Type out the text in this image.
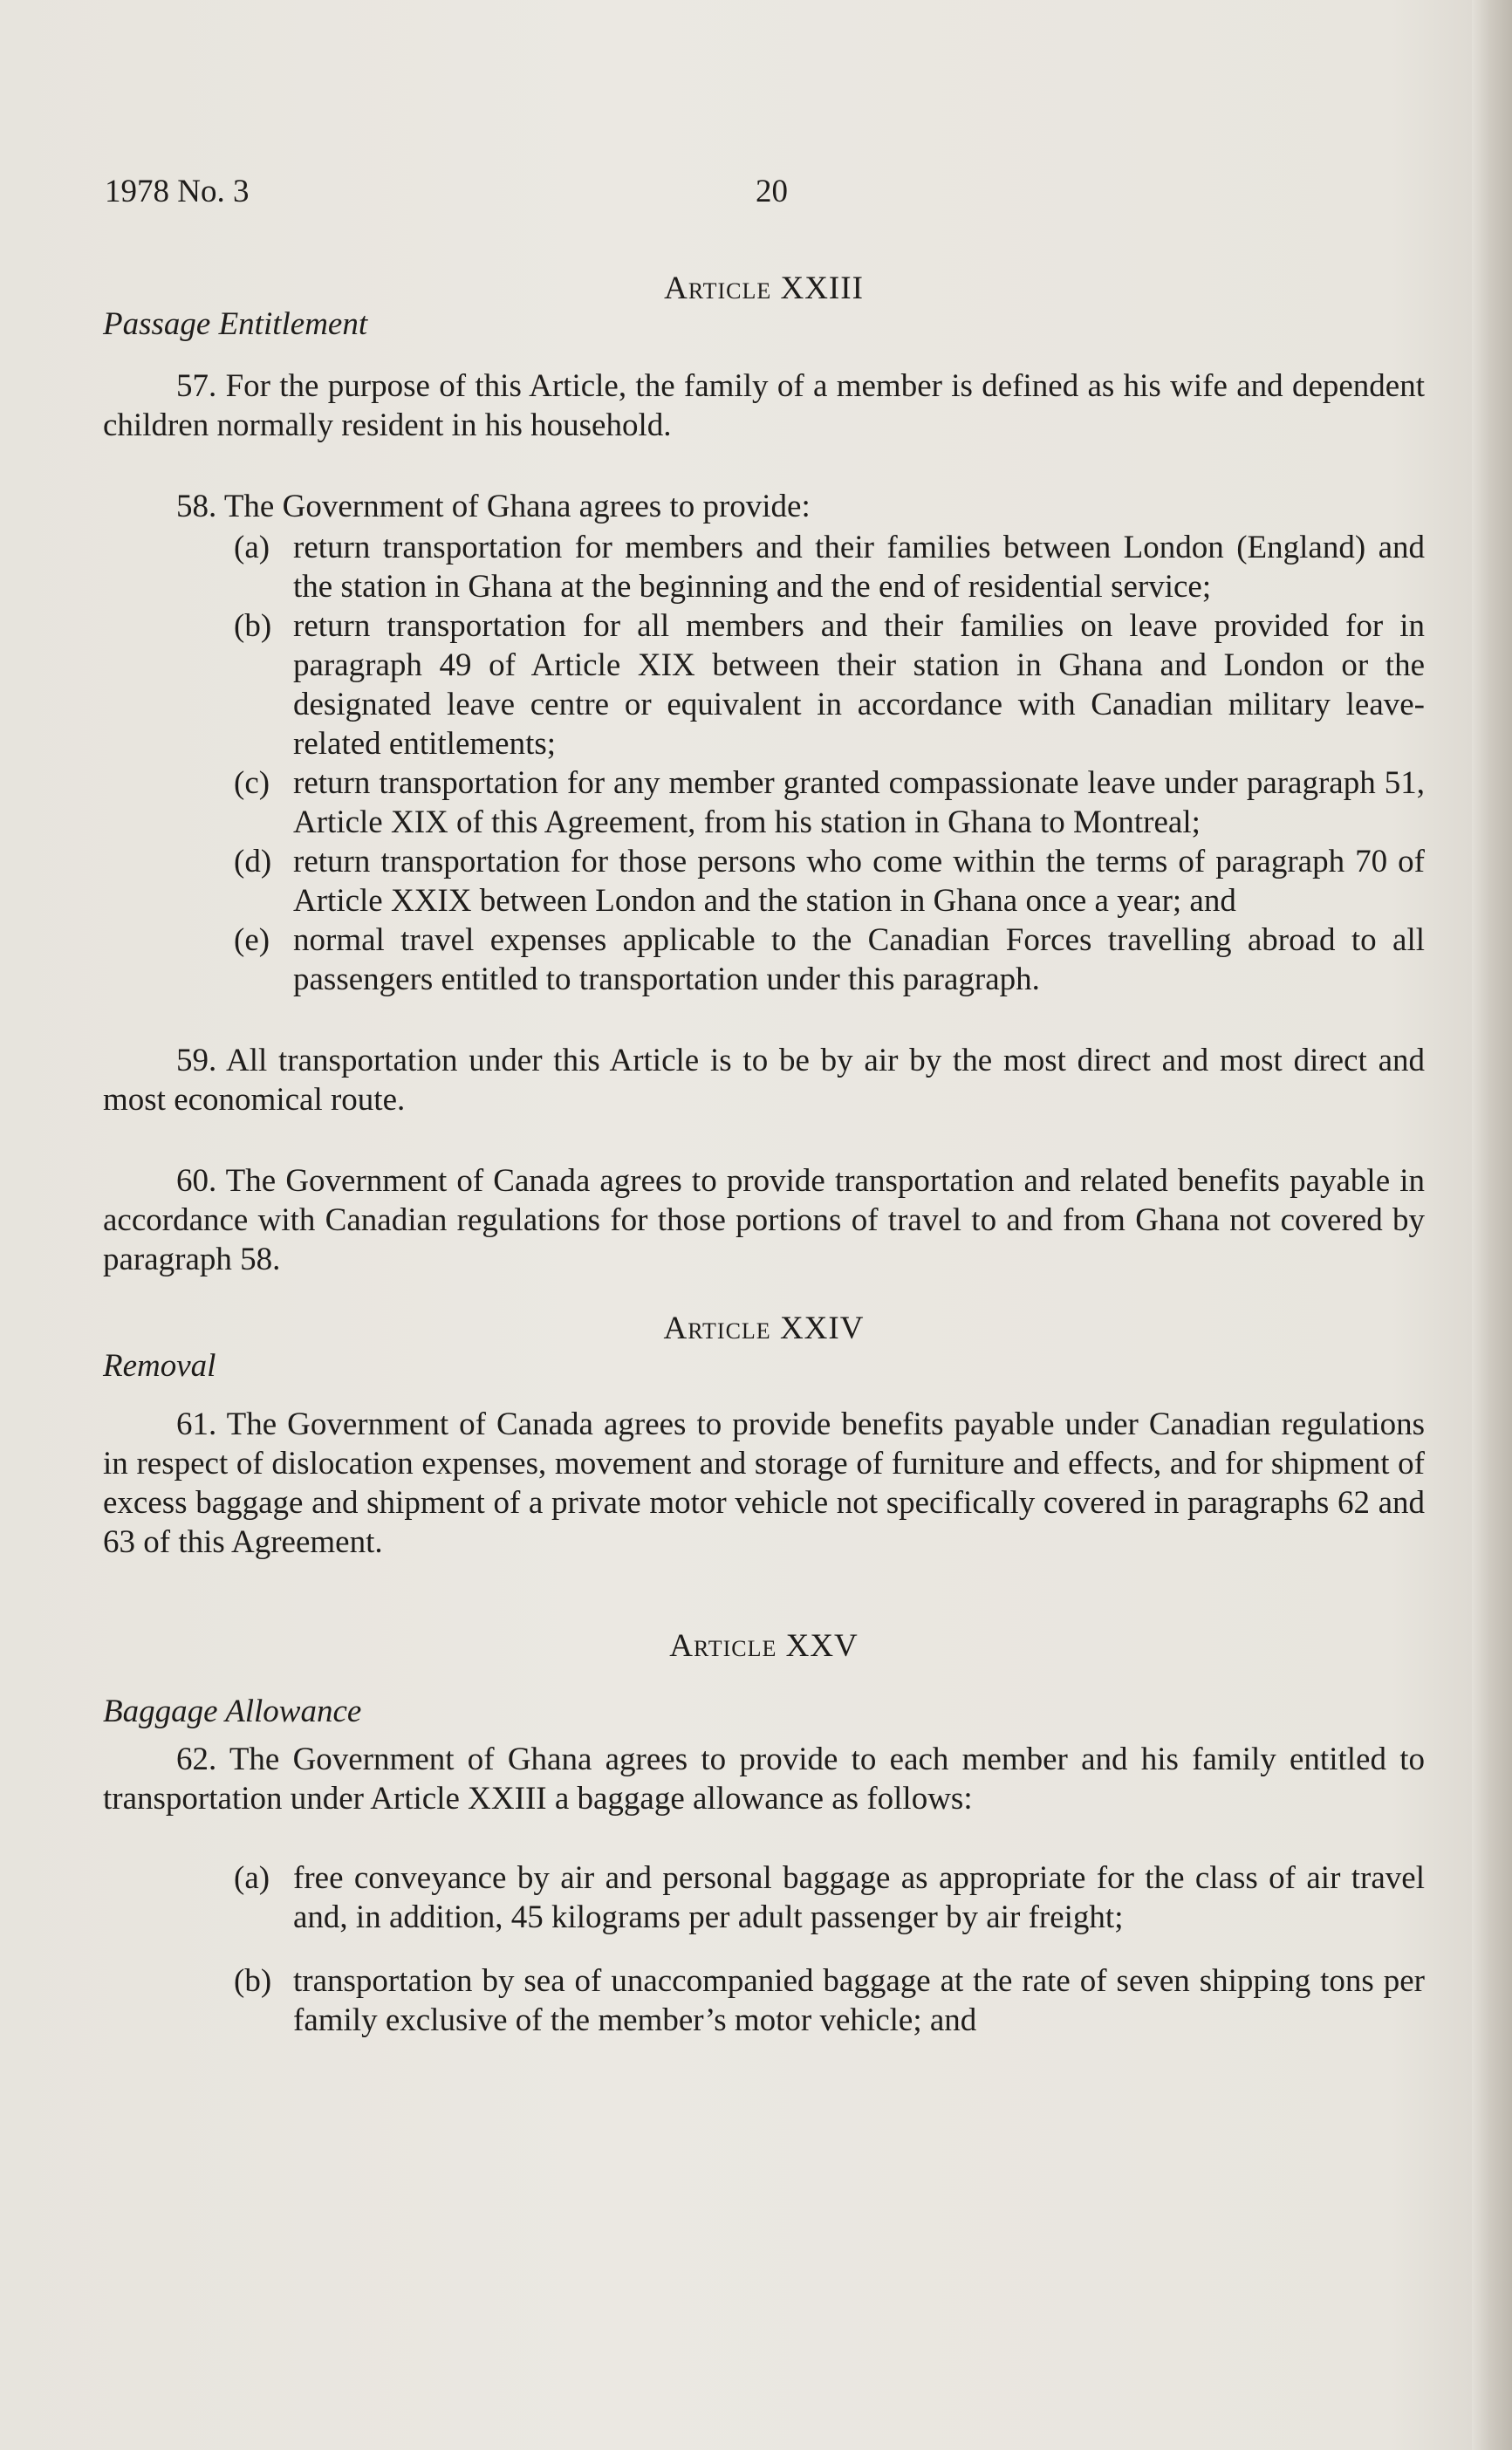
1978 No. 3	20

Article XXIII

Passage Entitlement

57. For the purpose of this Article, the family of a member is defined as his wife and dependent children normally resident in his household.

58. The Government of Ghana agrees to provide:

(a) return transportation for members and their families between London (England) and the station in Ghana at the beginning and the end of residential service;
(b) return transportation for all members and their families on leave provided for in paragraph 49 of Article XIX between their station in Ghana and London or the designated leave centre or equivalent in accordance with Canadian military leave-related entitlements;
(c) return transportation for any member granted compassionate leave under paragraph 51, Article XIX of this Agreement, from his station in Ghana to Montreal;
(d) return transportation for those persons who come within the terms of paragraph 70 of Article XXIX between London and the station in Ghana once a year; and
(e) normal travel expenses applicable to the Canadian Forces travelling abroad to all passengers entitled to transportation under this paragraph.

59. All transportation under this Article is to be by air by the most direct and most direct and most economical route.

60. The Government of Canada agrees to provide transportation and related benefits payable in accordance with Canadian regulations for those portions of travel to and from Ghana not covered by paragraph 58.

Article XXIV

Removal

61. The Government of Canada agrees to provide benefits payable under Canadian regulations in respect of dislocation expenses, movement and storage of furniture and effects, and for shipment of excess baggage and shipment of a private motor vehicle not specifically covered in paragraphs 62 and 63 of this Agreement.

Article XXV

Baggage Allowance

62. The Government of Ghana agrees to provide to each member and his family entitled to transportation under Article XXIII a baggage allowance as follows:

(a) free conveyance by air and personal baggage as appropriate for the class of air travel and, in addition, 45 kilograms per adult passenger by air freight;
(b) transportation by sea of unaccompanied baggage at the rate of seven shipping tons per family exclusive of the member’s motor vehicle; and
